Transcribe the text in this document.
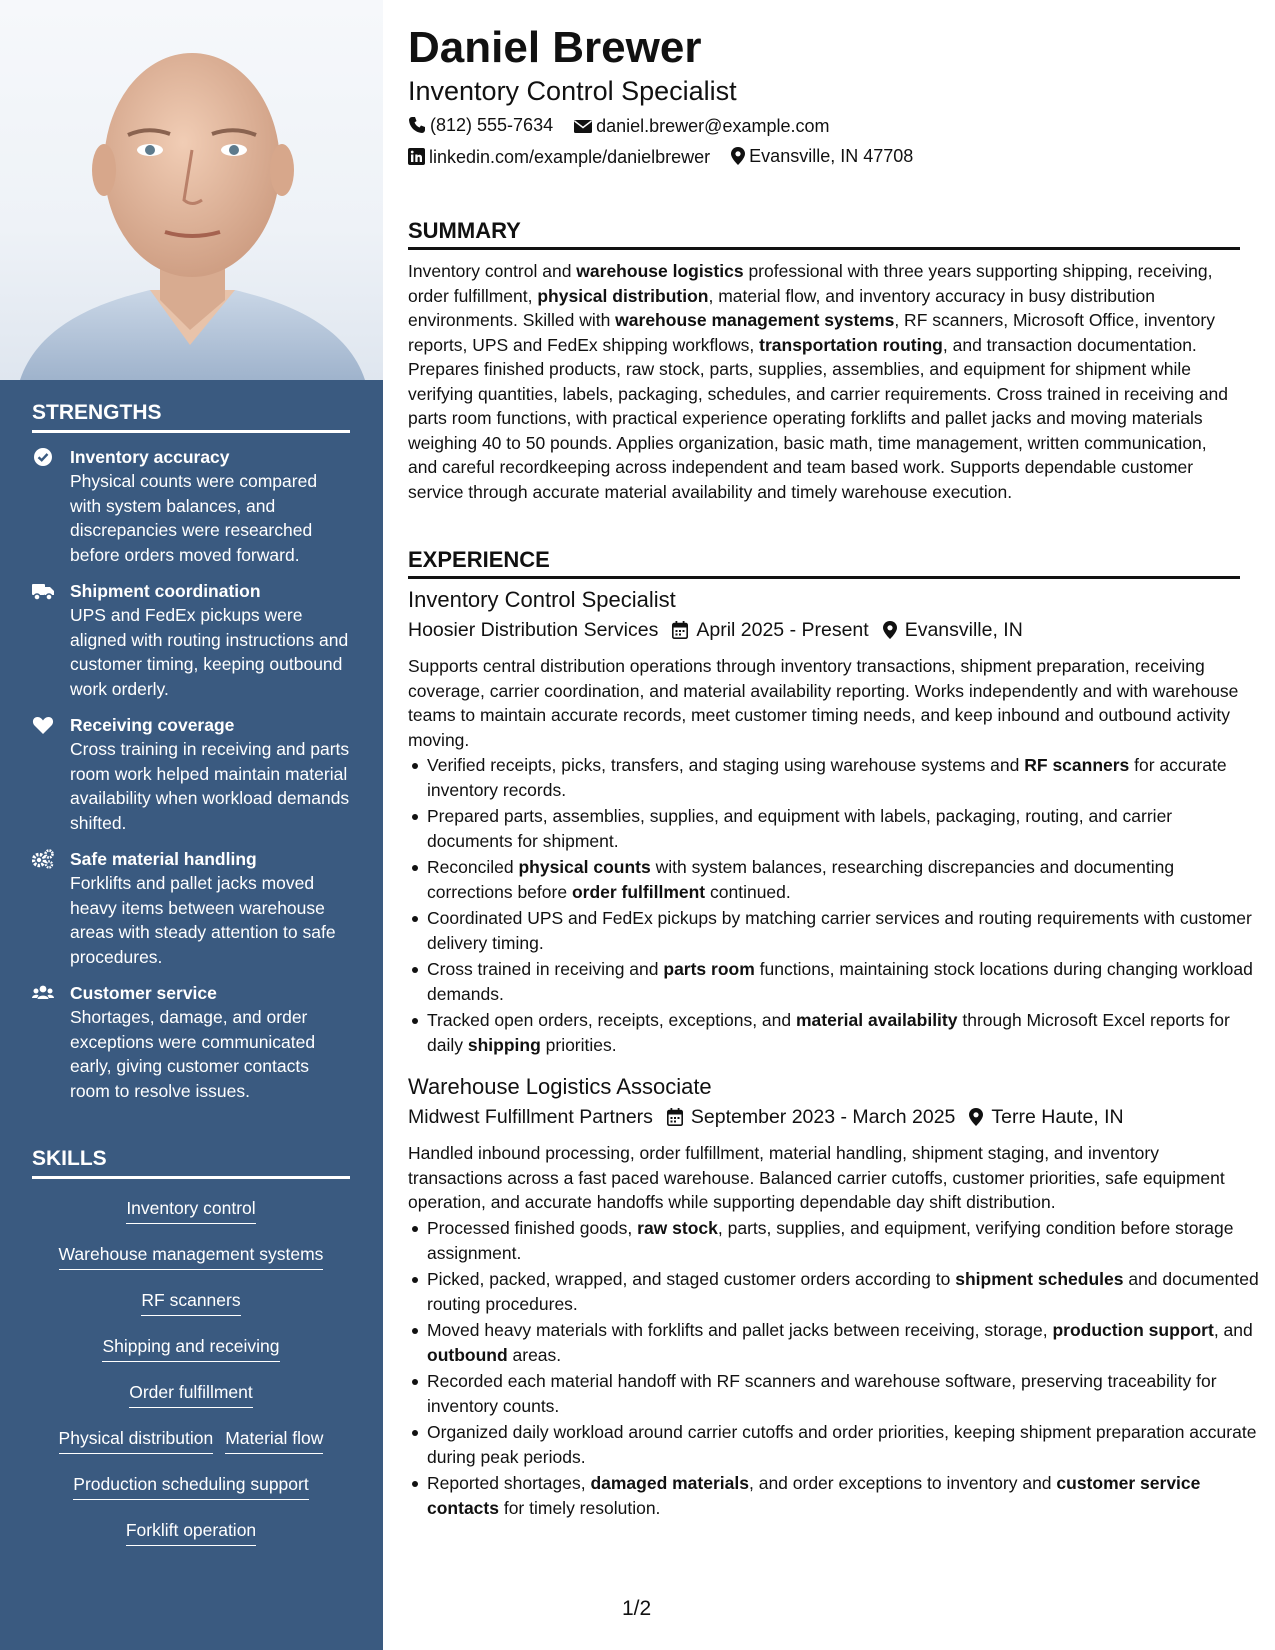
STRENGTHS
Inventory accuracy
Physical counts were compared with system balances, and discrepancies were researched before orders moved forward.
Shipment coordination
UPS and FedEx pickups were aligned with routing instructions and customer timing, keeping outbound work orderly.
Receiving coverage
Cross training in receiving and parts room work helped maintain material availability when workload demands shifted.
Safe material handling
Forklifts and pallet jacks moved heavy items between warehouse areas with steady attention to safe procedures.
Customer service
Shortages, damage, and order exceptions were communicated early, giving customer contacts room to resolve issues.
SKILLS
Inventory control
Warehouse management systems
RF scanners
Shipping and receiving
Order fulfillment
Physical distribution Material flow
Production scheduling support
Forklift operation
Daniel Brewer
Inventory Control Specialist
(812) 555-7634
daniel.brewer@example.com
linkedin.com/example/danielbrewer
Evansville, IN 47708
SUMMARY

Inventory control and warehouse logistics professional with three years supporting shipping, receiving, order fulfillment, physical distribution, material flow, and inventory accuracy in busy distribution environments. Skilled with warehouse management systems, RF scanners, Microsoft Office, inventory reports, UPS and FedEx shipping workflows, transportation routing, and transaction documentation. Prepares finished products, raw stock, parts, supplies, assemblies, and equipment for shipment while verifying quantities, labels, packaging, schedules, and carrier requirements. Cross trained in receiving and parts room functions, with practical experience operating forklifts and pallet jacks and moving materials weighing 40 to 50 pounds. Applies organization, basic math, time management, written communication, and careful recordkeeping across independent and team based work. Supports dependable customer service through accurate material availability and timely warehouse execution.

EXPERIENCE
Inventory Control Specialist
Hoosier Distribution Services April 2025 - Present Evansville, IN

Supports central distribution operations through inventory transactions, shipment preparation, receiving coverage, carrier coordination, and material availability reporting. Works independently and with warehouse teams to maintain accurate records, meet customer timing needs, and keep inbound and outbound activity moving.

Verified receipts, picks, transfers, and staging using warehouse systems and RF scanners for accurate inventory records.
Prepared parts, assemblies, supplies, and equipment with labels, packaging, routing, and carrier documents for shipment.
Reconciled physical counts with system balances, researching discrepancies and documenting corrections before order fulfillment continued.
Coordinated UPS and FedEx pickups by matching carrier services and routing requirements with customer delivery timing.
Cross trained in receiving and parts room functions, maintaining stock locations during changing workload demands.
Tracked open orders, receipts, exceptions, and material availability through Microsoft Excel reports for daily shipping priorities.
Warehouse Logistics Associate
Midwest Fulfillment Partners September 2023 - March 2025 Terre Haute, IN

Handled inbound processing, order fulfillment, material handling, shipment staging, and inventory transactions across a fast paced warehouse. Balanced carrier cutoffs, customer priorities, safe equipment operation, and accurate handoffs while supporting dependable day shift distribution.

Processed finished goods, raw stock, parts, supplies, and equipment, verifying condition before storage assignment.
Picked, packed, wrapped, and staged customer orders according to shipment schedules and documented routing procedures.
Moved heavy materials with forklifts and pallet jacks between receiving, storage, production support, and outbound areas.
Recorded each material handoff with RF scanners and warehouse software, preserving traceability for inventory counts.
Organized daily workload around carrier cutoffs and order priorities, keeping shipment preparation accurate during peak periods.
Reported shortages, damaged materials, and order exceptions to inventory and customer service contacts for timely resolution.
1/2
